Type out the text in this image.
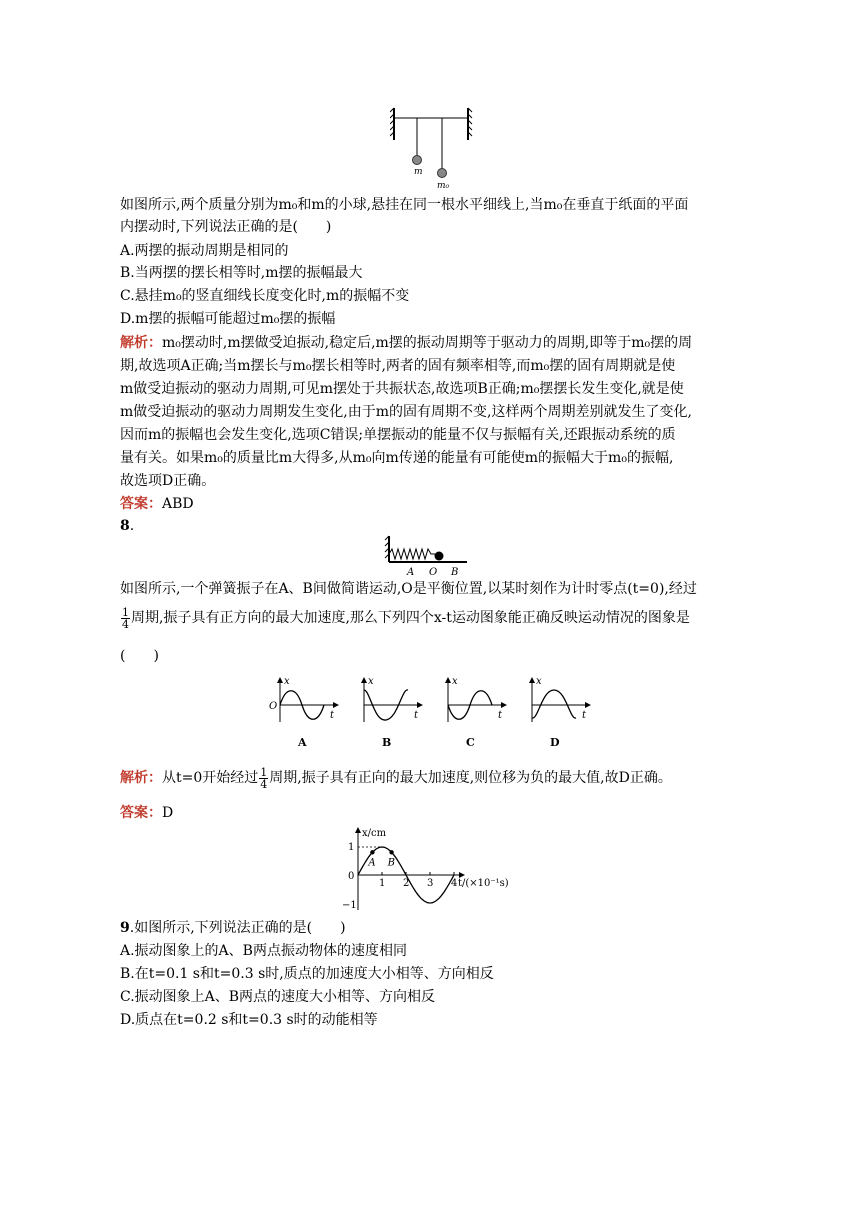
m
m₀
如图所示,两个质量分别为m₀和m的小球,悬挂在同一根水平细线上,当m₀在垂直于纸面的平面
内摆动时,下列说法正确的是(　　)
A.两摆的振动周期是相同的
B.当两摆的摆长相等时,m摆的振幅最大
C.悬挂m₀的竖直细线长度变化时,m的振幅不变
D.m摆的振幅可能超过m₀摆的振幅
解析：m₀摆动时,m摆做受迫振动,稳定后,m摆的振动周期等于驱动力的周期,即等于m₀摆的周
期,故选项A正确;当m摆长与m₀摆长相等时,两者的固有频率相等,而m₀摆的固有周期就是使
m做受迫振动的驱动力周期,可见m摆处于共振状态,故选项B正确;m₀摆摆长发生变化,就是使
m做受迫振动的驱动力周期发生变化,由于m的固有周期不变,这样两个周期差别就发生了变化,
因而m的振幅也会发生变化,选项C错误;单摆振动的能量不仅与振幅有关,还跟振动系统的质
量有关。如果m₀的质量比m大得多,从m₀向m传递的能量有可能使m的振幅大于m₀的振幅,
故选项D正确。
答案：ABD
8.
A O B
如图所示,一个弹簧振子在A、B间做简谐运动,O是平衡位置,以某时刻作为计时零点(t=0),经过
$\frac{1}{4}$ 周期,振子具有正方向的最大加速度,那么下列四个x-t运动图象能正确反映运动情况的图象是
(　　)
x
t
O
x
t
x
t
x
t
A	B	C	D
解析：从t=0开始经过 $\frac{1}{4}$ 周期,振子具有正向的最大加速度,则位移为负的最大值,故D正确。
答案：D
x/cm
t/(×10⁻¹s)
0
1
−1
1 2 3 4
A B
9.如图所示,下列说法正确的是(　　)
A.振动图象上的A、B两点振动物体的速度相同
B.在t=0.1 s和t=0.3 s时,质点的加速度大小相等、方向相反
C.振动图象上A、B两点的速度大小相等、方向相反
D.质点在t=0.2 s和t=0.3 s时的动能相等
